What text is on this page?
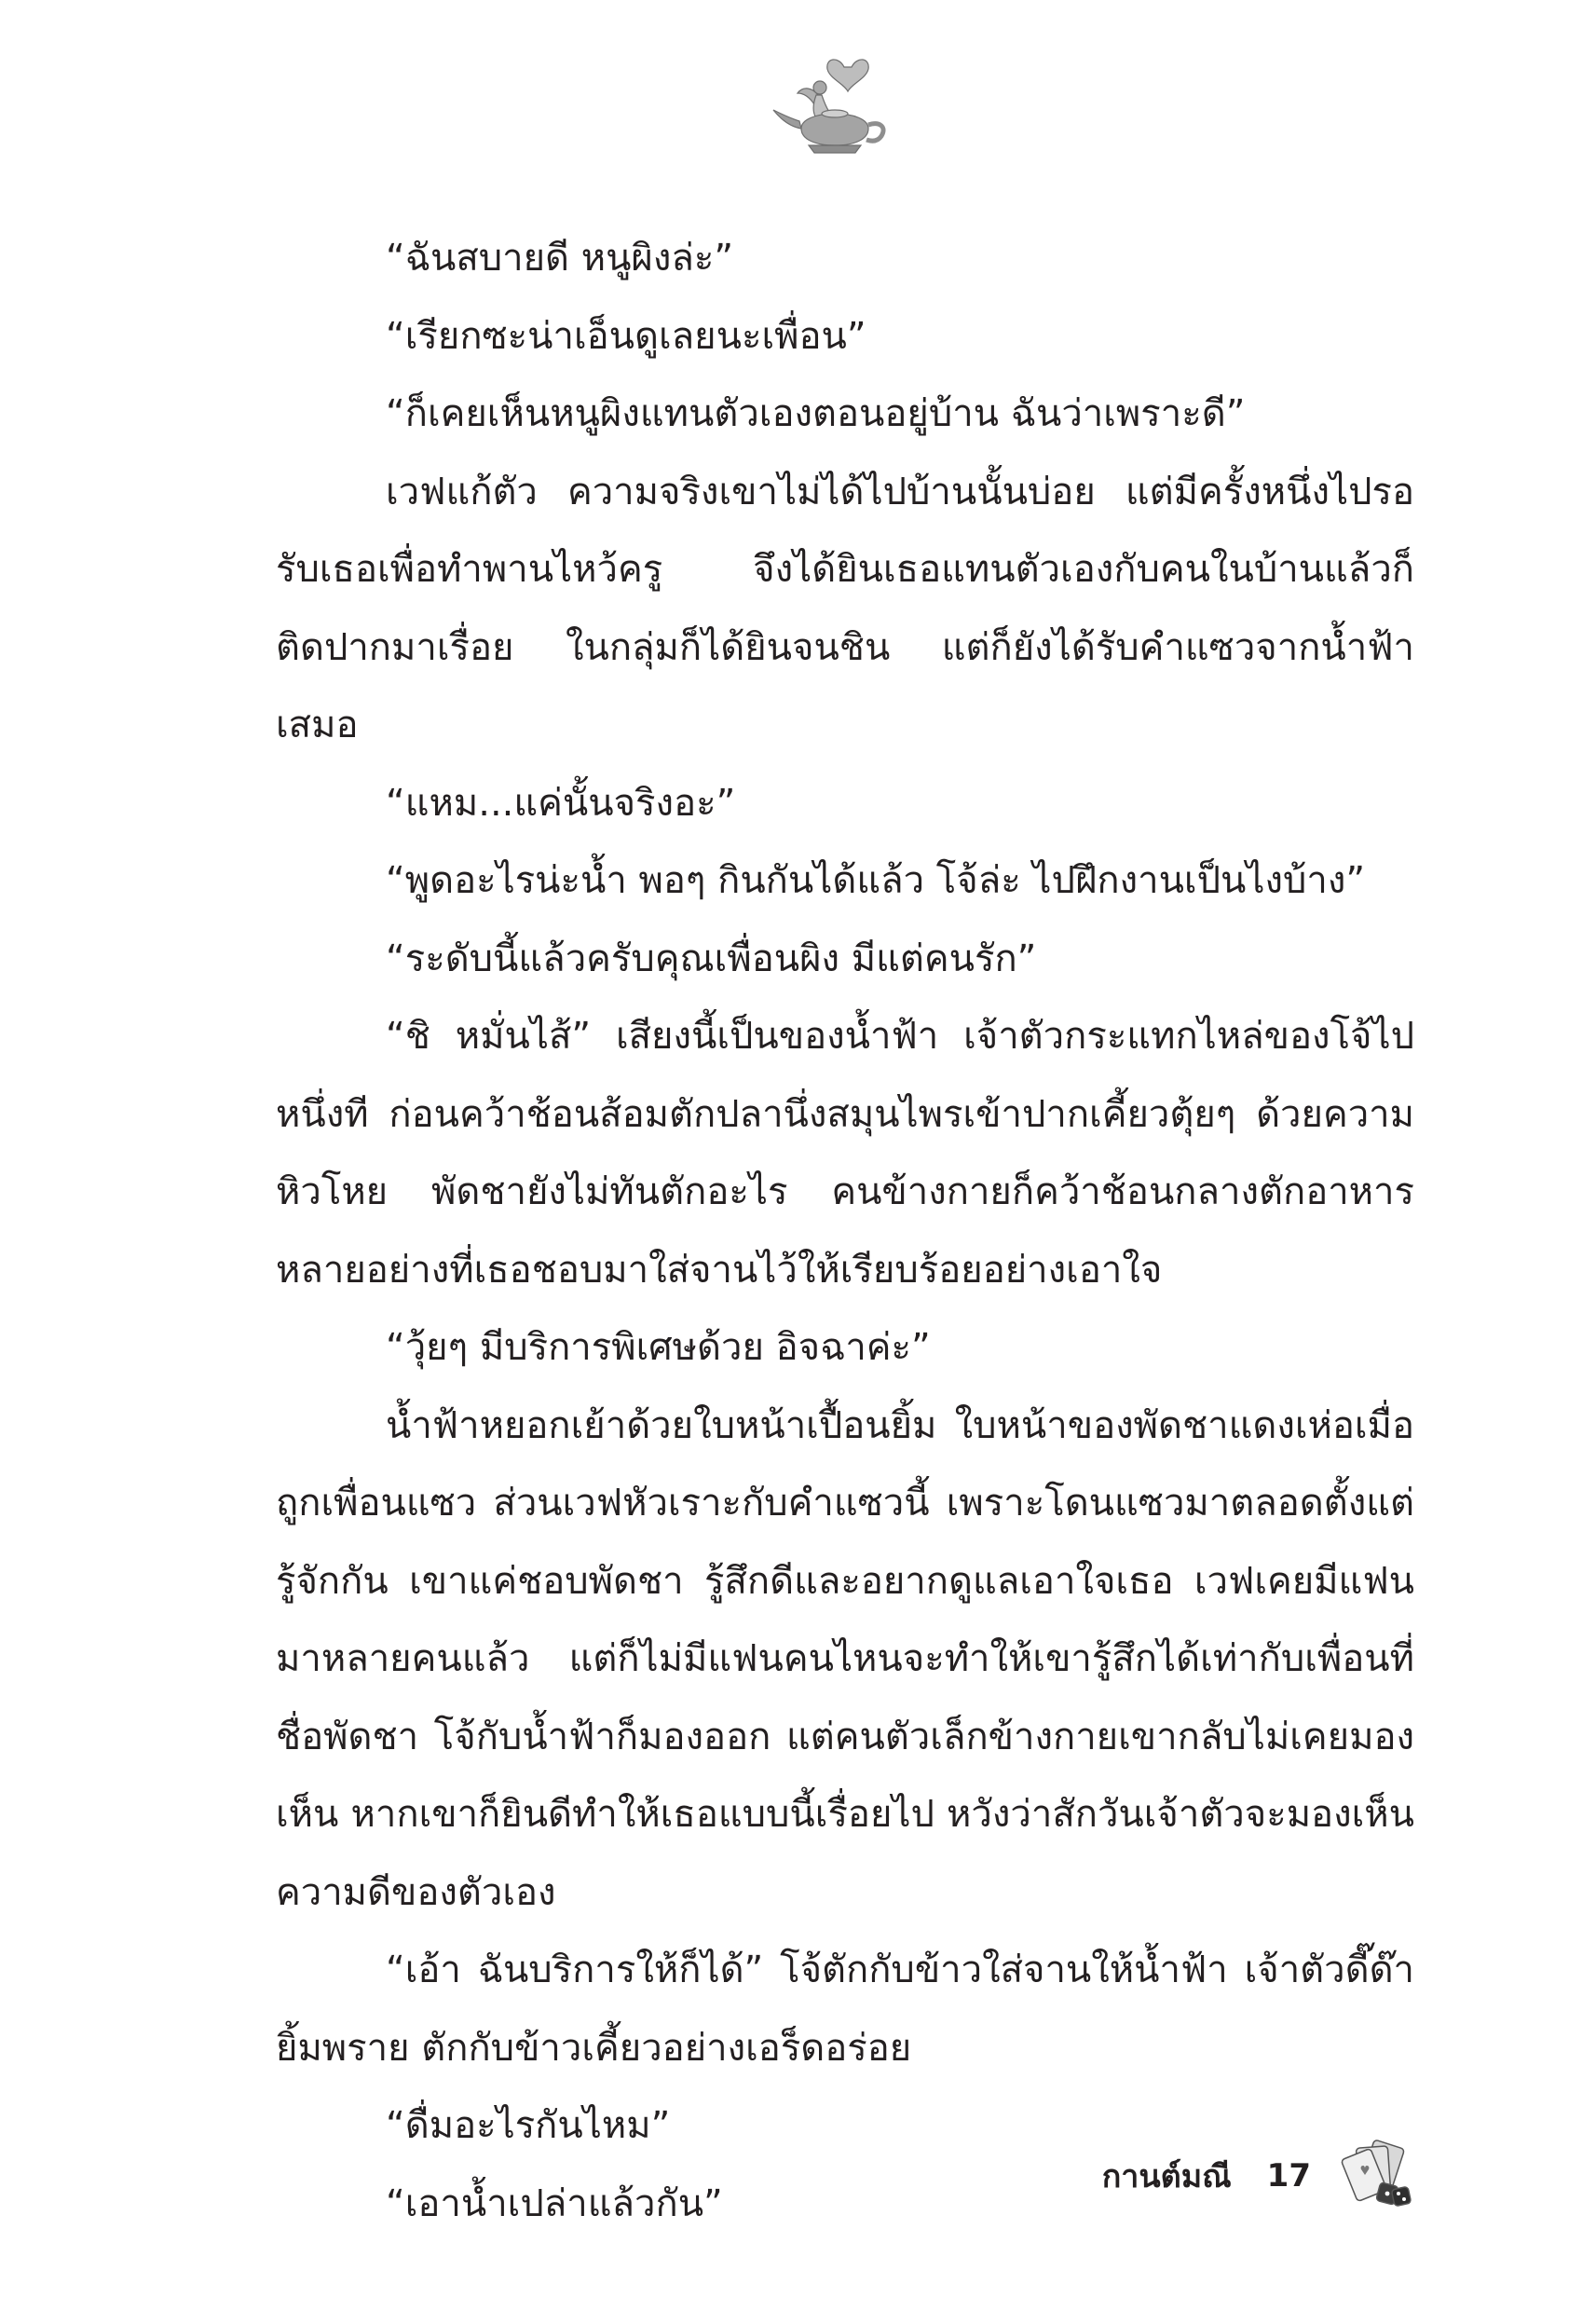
“ฉันสบายดี หนูผิงล่ะ”

“เรียกซะน่าเอ็นดูเลยนะเพื่อน”

“ก็เคยเห็นหนูผิงแทนตัวเองตอนอยู่บ้าน ฉันว่าเพราะดี”

เวฟแก้ตัว ความจริงเขาไม่ได้ไปบ้านนั้นบ่อย แต่มีครั้งหนึ่งไปรอรับเธอเพื่อทำพานไหว้ครู จึงได้ยินเธอแทนตัวเองกับคนในบ้านแล้วก็ติดปากมาเรื่อย ในกลุ่มก็ได้ยินจนชิน แต่ก็ยังได้รับคำแซวจากน้ำฟ้าเสมอ

“แหม...แค่นั้นจริงอะ”

“พูดอะไรน่ะน้ำ พอๆ กินกันได้แล้ว โจ้ล่ะ ไปฝึกงานเป็นไงบ้าง”

“ระดับนี้แล้วครับคุณเพื่อนผิง มีแต่คนรัก”

“ชิ หมั่นไส้” เสียงนี้เป็นของน้ำฟ้า เจ้าตัวกระแทกไหล่ของโจ้ไปหนึ่งที ก่อนคว้าช้อนส้อมตักปลานึ่งสมุนไพรเข้าปากเคี้ยวตุ้ยๆ ด้วยความหิวโหย พัดชายังไม่ทันตักอะไร คนข้างกายก็คว้าช้อนกลางตักอาหารหลายอย่างที่เธอชอบมาใส่จานไว้ให้เรียบร้อยอย่างเอาใจ

“วุ้ยๆ มีบริการพิเศษด้วย อิจฉาค่ะ”

น้ำฟ้าหยอกเย้าด้วยใบหน้าเปื้อนยิ้ม ใบหน้าของพัดชาแดงเห่อเมื่อถูกเพื่อนแซว ส่วนเวฟหัวเราะกับคำแซวนี้ เพราะโดนแซวมาตลอดตั้งแต่รู้จักกัน เขาแค่ชอบพัดชา รู้สึกดีและอยากดูแลเอาใจเธอ เวฟเคยมีแฟนมาหลายคนแล้ว แต่ก็ไม่มีแฟนคนไหนจะทำให้เขารู้สึกได้เท่ากับเพื่อนที่ชื่อพัดชา โจ้กับน้ำฟ้าก็มองออก แต่คนตัวเล็กข้างกายเขากลับไม่เคยมองเห็น หากเขาก็ยินดีทำให้เธอแบบนี้เรื่อยไป หวังว่าสักวันเจ้าตัวจะมองเห็นความดีของตัวเอง

“เอ้า ฉันบริการให้ก็ได้” โจ้ตักกับข้าวใส่จานให้น้ำฟ้า เจ้าตัวดี๊ด๊ายิ้มพราย ตักกับข้าวเคี้ยวอย่างเอร็ดอร่อย

“ดื่มอะไรกันไหม”

“เอาน้ำเปล่าแล้วกัน”

กานต์มณี 17
